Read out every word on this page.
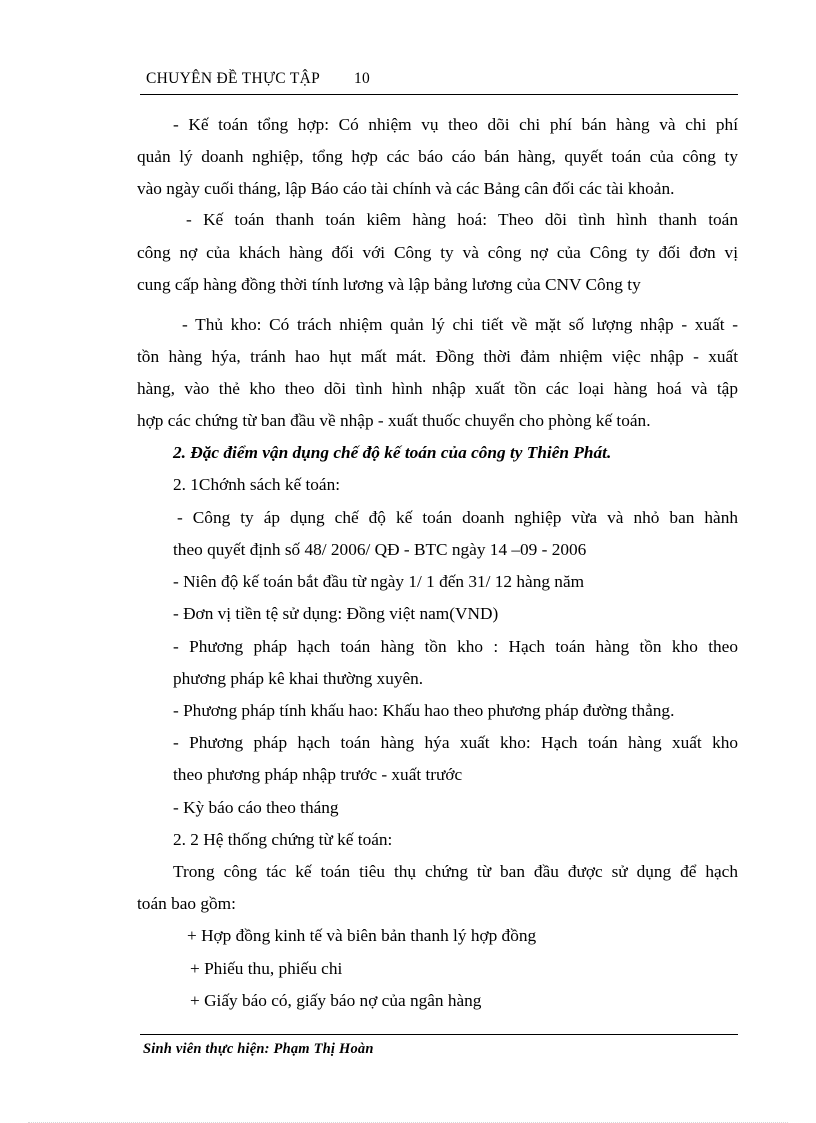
CHUYÊN ĐỀ THỰC TẬP 10
- Kế toán tổng hợp: Có nhiệm vụ theo dõi chi phí bán hàng và chi phí
quản lý doanh nghiệp, tổng hợp các báo cáo bán hàng, quyết toán của công ty
vào ngày cuối tháng, lập Báo cáo tài chính và các Bảng cân đối các tài khoản.
- Kế toán thanh toán kiêm hàng hoá: Theo dõi tình hình thanh toán
công nợ của khách hàng đối với Công ty và công nợ của Công ty đối đơn vị
cung cấp hàng đồng thời tính lương và lập bảng lương của CNV Công ty
- Thủ kho: Có trách nhiệm quản lý chi tiết về mặt số lượng nhập - xuất -
tồn hàng hýa, tránh hao hụt mất mát. Đồng thời đảm nhiệm việc nhập - xuất
hàng, vào thẻ kho theo dõi tình hình nhập xuất tồn các loại hàng hoá và tập
hợp các chứng từ ban đầu về nhập - xuất thuốc chuyển cho phòng kế toán.
2. Đặc điểm vận dụng chế độ kế toán của công ty Thiên Phát.
2. 1Chớnh sách kế toán:
- Công ty áp dụng chế độ kế toán doanh nghiệp vừa và nhỏ ban hành
theo quyết định số 48/ 2006/ QĐ - BTC ngày 14 –09 - 2006
- Niên độ kế toán bắt đầu từ ngày 1/ 1 đến 31/ 12 hàng năm
- Đơn vị tiền tệ sử dụng: Đồng việt nam(VND)
- Phương pháp hạch toán hàng tồn kho : Hạch toán hàng tồn kho theo
phương pháp kê khai thường xuyên.
- Phương pháp tính khấu hao: Khấu hao theo phương pháp đường thẳng.
- Phương pháp hạch toán hàng hýa xuất kho: Hạch toán hàng xuất kho
theo phương pháp nhập trước - xuất trước
- Kỳ báo cáo theo tháng
2. 2 Hệ thống chứng từ kế toán:
Trong công tác kế toán tiêu thụ chứng từ ban đầu được sử dụng để hạch
toán bao gồm:
+ Hợp đồng kinh tế và biên bản thanh lý hợp đồng
+ Phiếu thu, phiếu chi
+ Giấy báo có, giấy báo nợ của ngân hàng
Sinh viên thực hiện: Phạm Thị Hoàn
